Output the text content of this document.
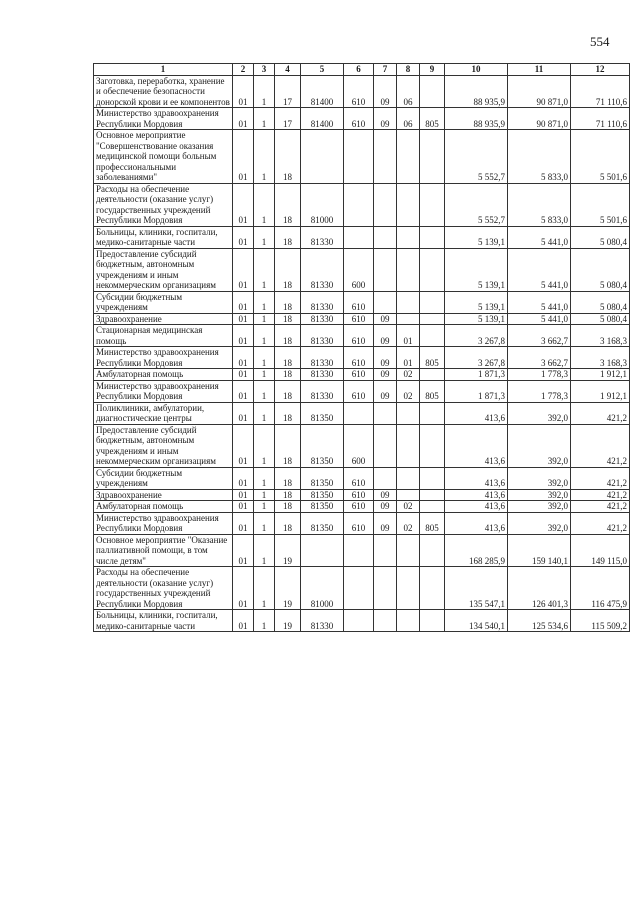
554
1	2	3	4	5	6	7	8	9	10	11	12
Заготовка, переработка, хранение и обеспечение безопасности донорской крови и ее компонентов	01	1	17	81400	610	09	06		88 935,9	90 871,0	71 110,6
Министерство здравоохранения Республики Мордовия	01	1	17	81400	610	09	06	805	88 935,9	90 871,0	71 110,6
Основное мероприятие "Совершенствование оказания медицинской помощи больным профессиональными заболеваниями"	01	1	18						5 552,7	5 833,0	5 501,6
Расходы на обеспечение деятельности (оказание услуг) государственных учреждений Республики Мордовия	01	1	18	81000					5 552,7	5 833,0	5 501,6
Больницы, клиники, госпитали, медико-санитарные части	01	1	18	81330					5 139,1	5 441,0	5 080,4
Предоставление субсидий бюджетным, автономным учреждениям и иным некоммерческим организациям	01	1	18	81330	600				5 139,1	5 441,0	5 080,4
Субсидии бюджетным учреждениям	01	1	18	81330	610				5 139,1	5 441,0	5 080,4
Здравоохранение	01	1	18	81330	610	09			5 139,1	5 441,0	5 080,4
Стационарная медицинская помощь	01	1	18	81330	610	09	01		3 267,8	3 662,7	3 168,3
Министерство здравоохранения Республики Мордовия	01	1	18	81330	610	09	01	805	3 267,8	3 662,7	3 168,3
Амбулаторная помощь	01	1	18	81330	610	09	02		1 871,3	1 778,3	1 912,1
Министерство здравоохранения Республики Мордовия	01	1	18	81330	610	09	02	805	1 871,3	1 778,3	1 912,1
Поликлиники, амбулатории, диагностические центры	01	1	18	81350					413,6	392,0	421,2
Предоставление субсидий бюджетным, автономным учреждениям и иным некоммерческим организациям	01	1	18	81350	600				413,6	392,0	421,2
Субсидии бюджетным учреждениям	01	1	18	81350	610				413,6	392,0	421,2
Здравоохранение	01	1	18	81350	610	09			413,6	392,0	421,2
Амбулаторная помощь	01	1	18	81350	610	09	02		413,6	392,0	421,2
Министерство здравоохранения Республики Мордовия	01	1	18	81350	610	09	02	805	413,6	392,0	421,2
Основное мероприятие "Оказание паллиативной помощи, в том числе детям"	01	1	19						168 285,9	159 140,1	149 115,0
Расходы на обеспечение деятельности (оказание услуг) государственных учреждений Республики Мордовия	01	1	19	81000					135 547,1	126 401,3	116 475,9
Больницы, клиники, госпитали, медико-санитарные части	01	1	19	81330					134 540,1	125 534,6	115 509,2
